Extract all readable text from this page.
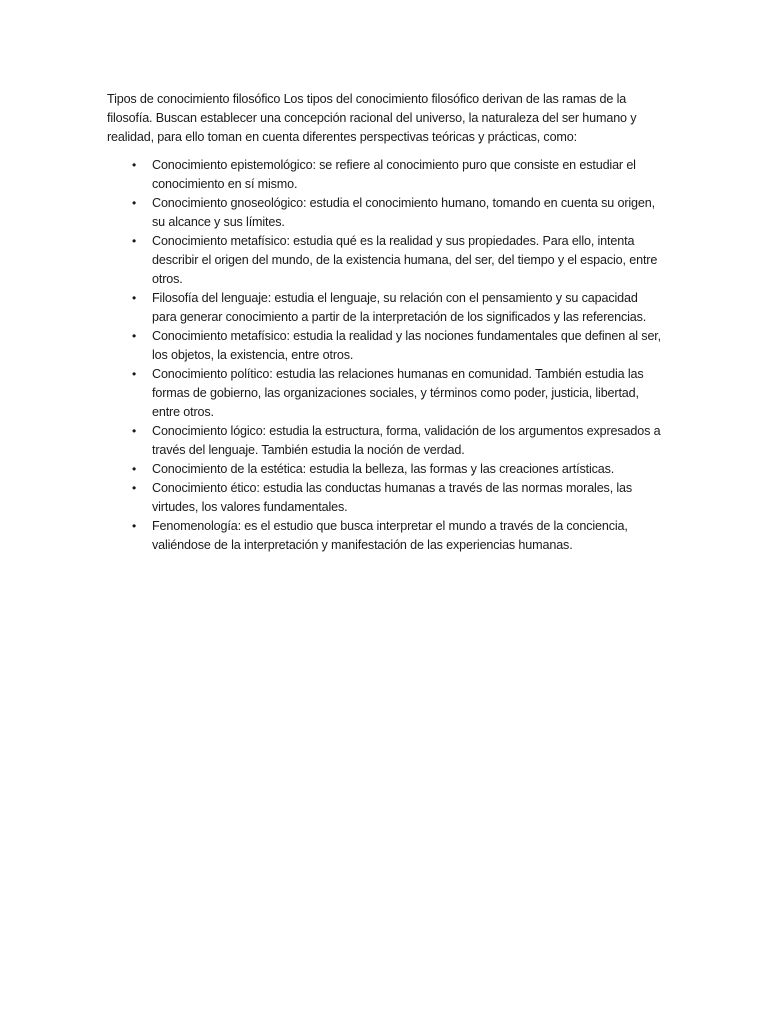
Tipos de conocimiento filosófico Los tipos del conocimiento filosófico derivan de las ramas de la filosofía. Buscan establecer una concepción racional del universo, la naturaleza del ser humano y realidad, para ello toman en cuenta diferentes perspectivas teóricas y prácticas, como:

•	Conocimiento epistemológico: se refiere al conocimiento puro que consiste en estudiar el conocimiento en sí mismo.
•	Conocimiento gnoseológico: estudia el conocimiento humano, tomando en cuenta su origen, su alcance y sus límites.
•	Conocimiento metafísico: estudia qué es la realidad y sus propiedades. Para ello, intenta describir el origen del mundo, de la existencia humana, del ser, del tiempo y el espacio, entre otros.
•	Filosofía del lenguaje: estudia el lenguaje, su relación con el pensamiento y su capacidad para generar conocimiento a partir de la interpretación de los significados y las referencias.
•	Conocimiento metafísico: estudia la realidad y las nociones fundamentales que definen al ser, los objetos, la existencia, entre otros.
•	Conocimiento político: estudia las relaciones humanas en comunidad. También estudia las formas de gobierno, las organizaciones sociales, y términos como poder, justicia, libertad, entre otros.
•	Conocimiento lógico: estudia la estructura, forma, validación de los argumentos expresados a través del lenguaje. También estudia la noción de verdad.
•	Conocimiento de la estética: estudia la belleza, las formas y las creaciones artísticas.
•	Conocimiento ético: estudia las conductas humanas a través de las normas morales, las virtudes, los valores fundamentales.
•	Fenomenología: es el estudio que busca interpretar el mundo a través de la conciencia, valiéndose de la interpretación y manifestación de las experiencias humanas.
